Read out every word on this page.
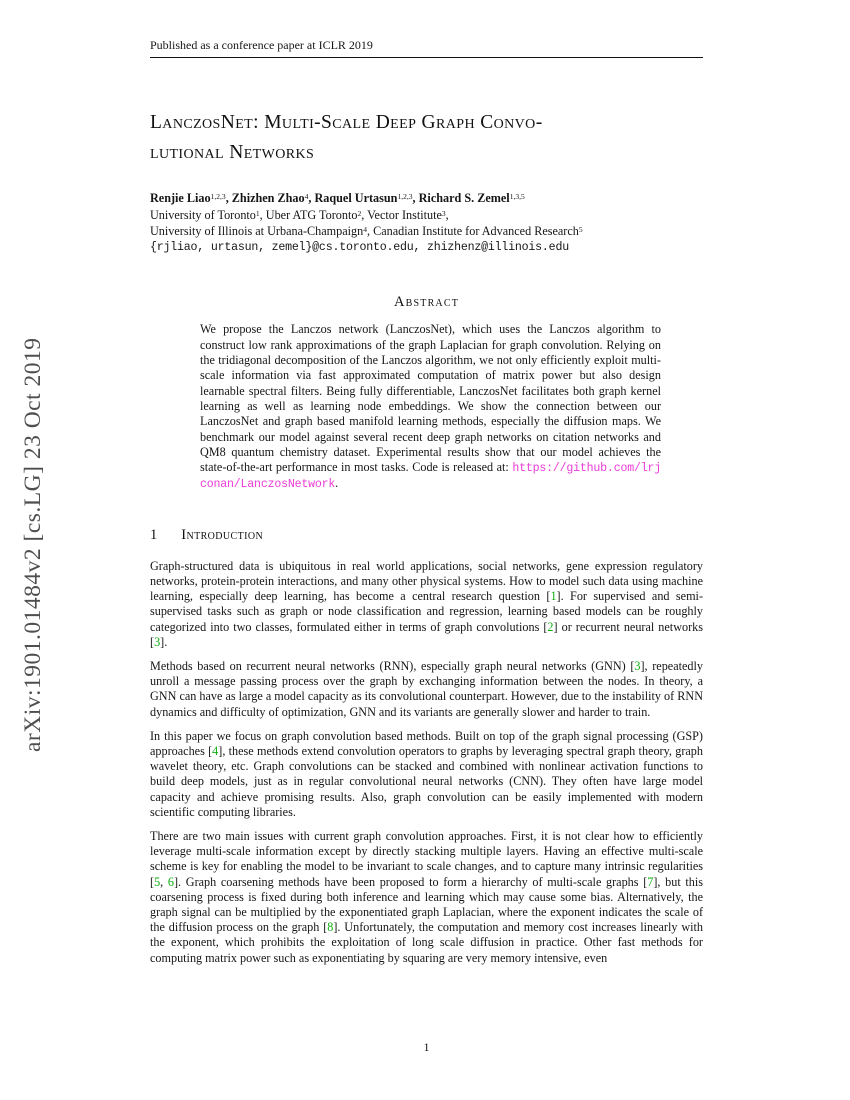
arXiv:1901.01484v2 [cs.LG] 23 Oct 2019
Published as a conference paper at ICLR 2019
LanczosNet: Multi-Scale Deep Graph Convo-
lutional Networks
Renjie Liao$^{1,2,3}$, Zhizhen Zhao$^4$, Raquel Urtasun$^{1,2,3}$, Richard S. Zemel$^{1,3,5}$
University of Toronto$^1$, Uber ATG Toronto$^2$, Vector Institute$^3$,
University of Illinois at Urbana-Champaign$^4$, Canadian Institute for Advanced Research$^5$
{rjliao, urtasun, zemel}@cs.toronto.edu, zhizhenz@illinois.edu
Abstract

We propose the Lanczos network (LanczosNet), which uses the Lanczos algorithm to construct low rank approximations of the graph Laplacian for graph convolution. Relying on the tridiagonal decomposition of the Lanczos algorithm, we not only efficiently exploit multi-scale information via fast approximated computation of matrix power but also design learnable spectral filters. Being fully differentiable, LanczosNet facilitates both graph kernel learning as well as learning node embeddings. We show the connection between our LanczosNet and graph based manifold learning methods, especially the diffusion maps. We benchmark our model against several recent deep graph networks on citation networks and QM8 quantum chemistry dataset. Experimental results show that our model achieves the state-of-the-art performance in most tasks. Code is released at: https://github.com/lrjconan/LanczosNetwork.

1 Introduction

Graph-structured data is ubiquitous in real world applications, social networks, gene expression regulatory networks, protein-protein interactions, and many other physical systems. How to model such data using machine learning, especially deep learning, has become a central research question [1]. For supervised and semi-supervised tasks such as graph or node classification and regression, learning based models can be roughly categorized into two classes, formulated either in terms of graph convolutions [2] or recurrent neural networks [3].

Methods based on recurrent neural networks (RNN), especially graph neural networks (GNN) [3], repeatedly unroll a message passing process over the graph by exchanging information between the nodes. In theory, a GNN can have as large a model capacity as its convolutional counterpart. However, due to the instability of RNN dynamics and difficulty of optimization, GNN and its variants are generally slower and harder to train.

In this paper we focus on graph convolution based methods. Built on top of the graph signal processing (GSP) approaches [4], these methods extend convolution operators to graphs by leveraging spectral graph theory, graph wavelet theory, etc. Graph convolutions can be stacked and combined with nonlinear activation functions to build deep models, just as in regular convolutional neural networks (CNN). They often have large model capacity and achieve promising results. Also, graph convolution can be easily implemented with modern scientific computing libraries.

There are two main issues with current graph convolution approaches. First, it is not clear how to efficiently leverage multi-scale information except by directly stacking multiple layers. Having an effective multi-scale scheme is key for enabling the model to be invariant to scale changes, and to capture many intrinsic regularities [5, 6]. Graph coarsening methods have been proposed to form a hierarchy of multi-scale graphs [7], but this coarsening process is fixed during both inference and learning which may cause some bias. Alternatively, the graph signal can be multiplied by the exponentiated graph Laplacian, where the exponent indicates the scale of the diffusion process on the graph [8]. Unfortunately, the computation and memory cost increases linearly with the exponent, which prohibits the exploitation of long scale diffusion in practice. Other fast methods for computing matrix power such as exponentiating by squaring are very memory intensive, even

1
